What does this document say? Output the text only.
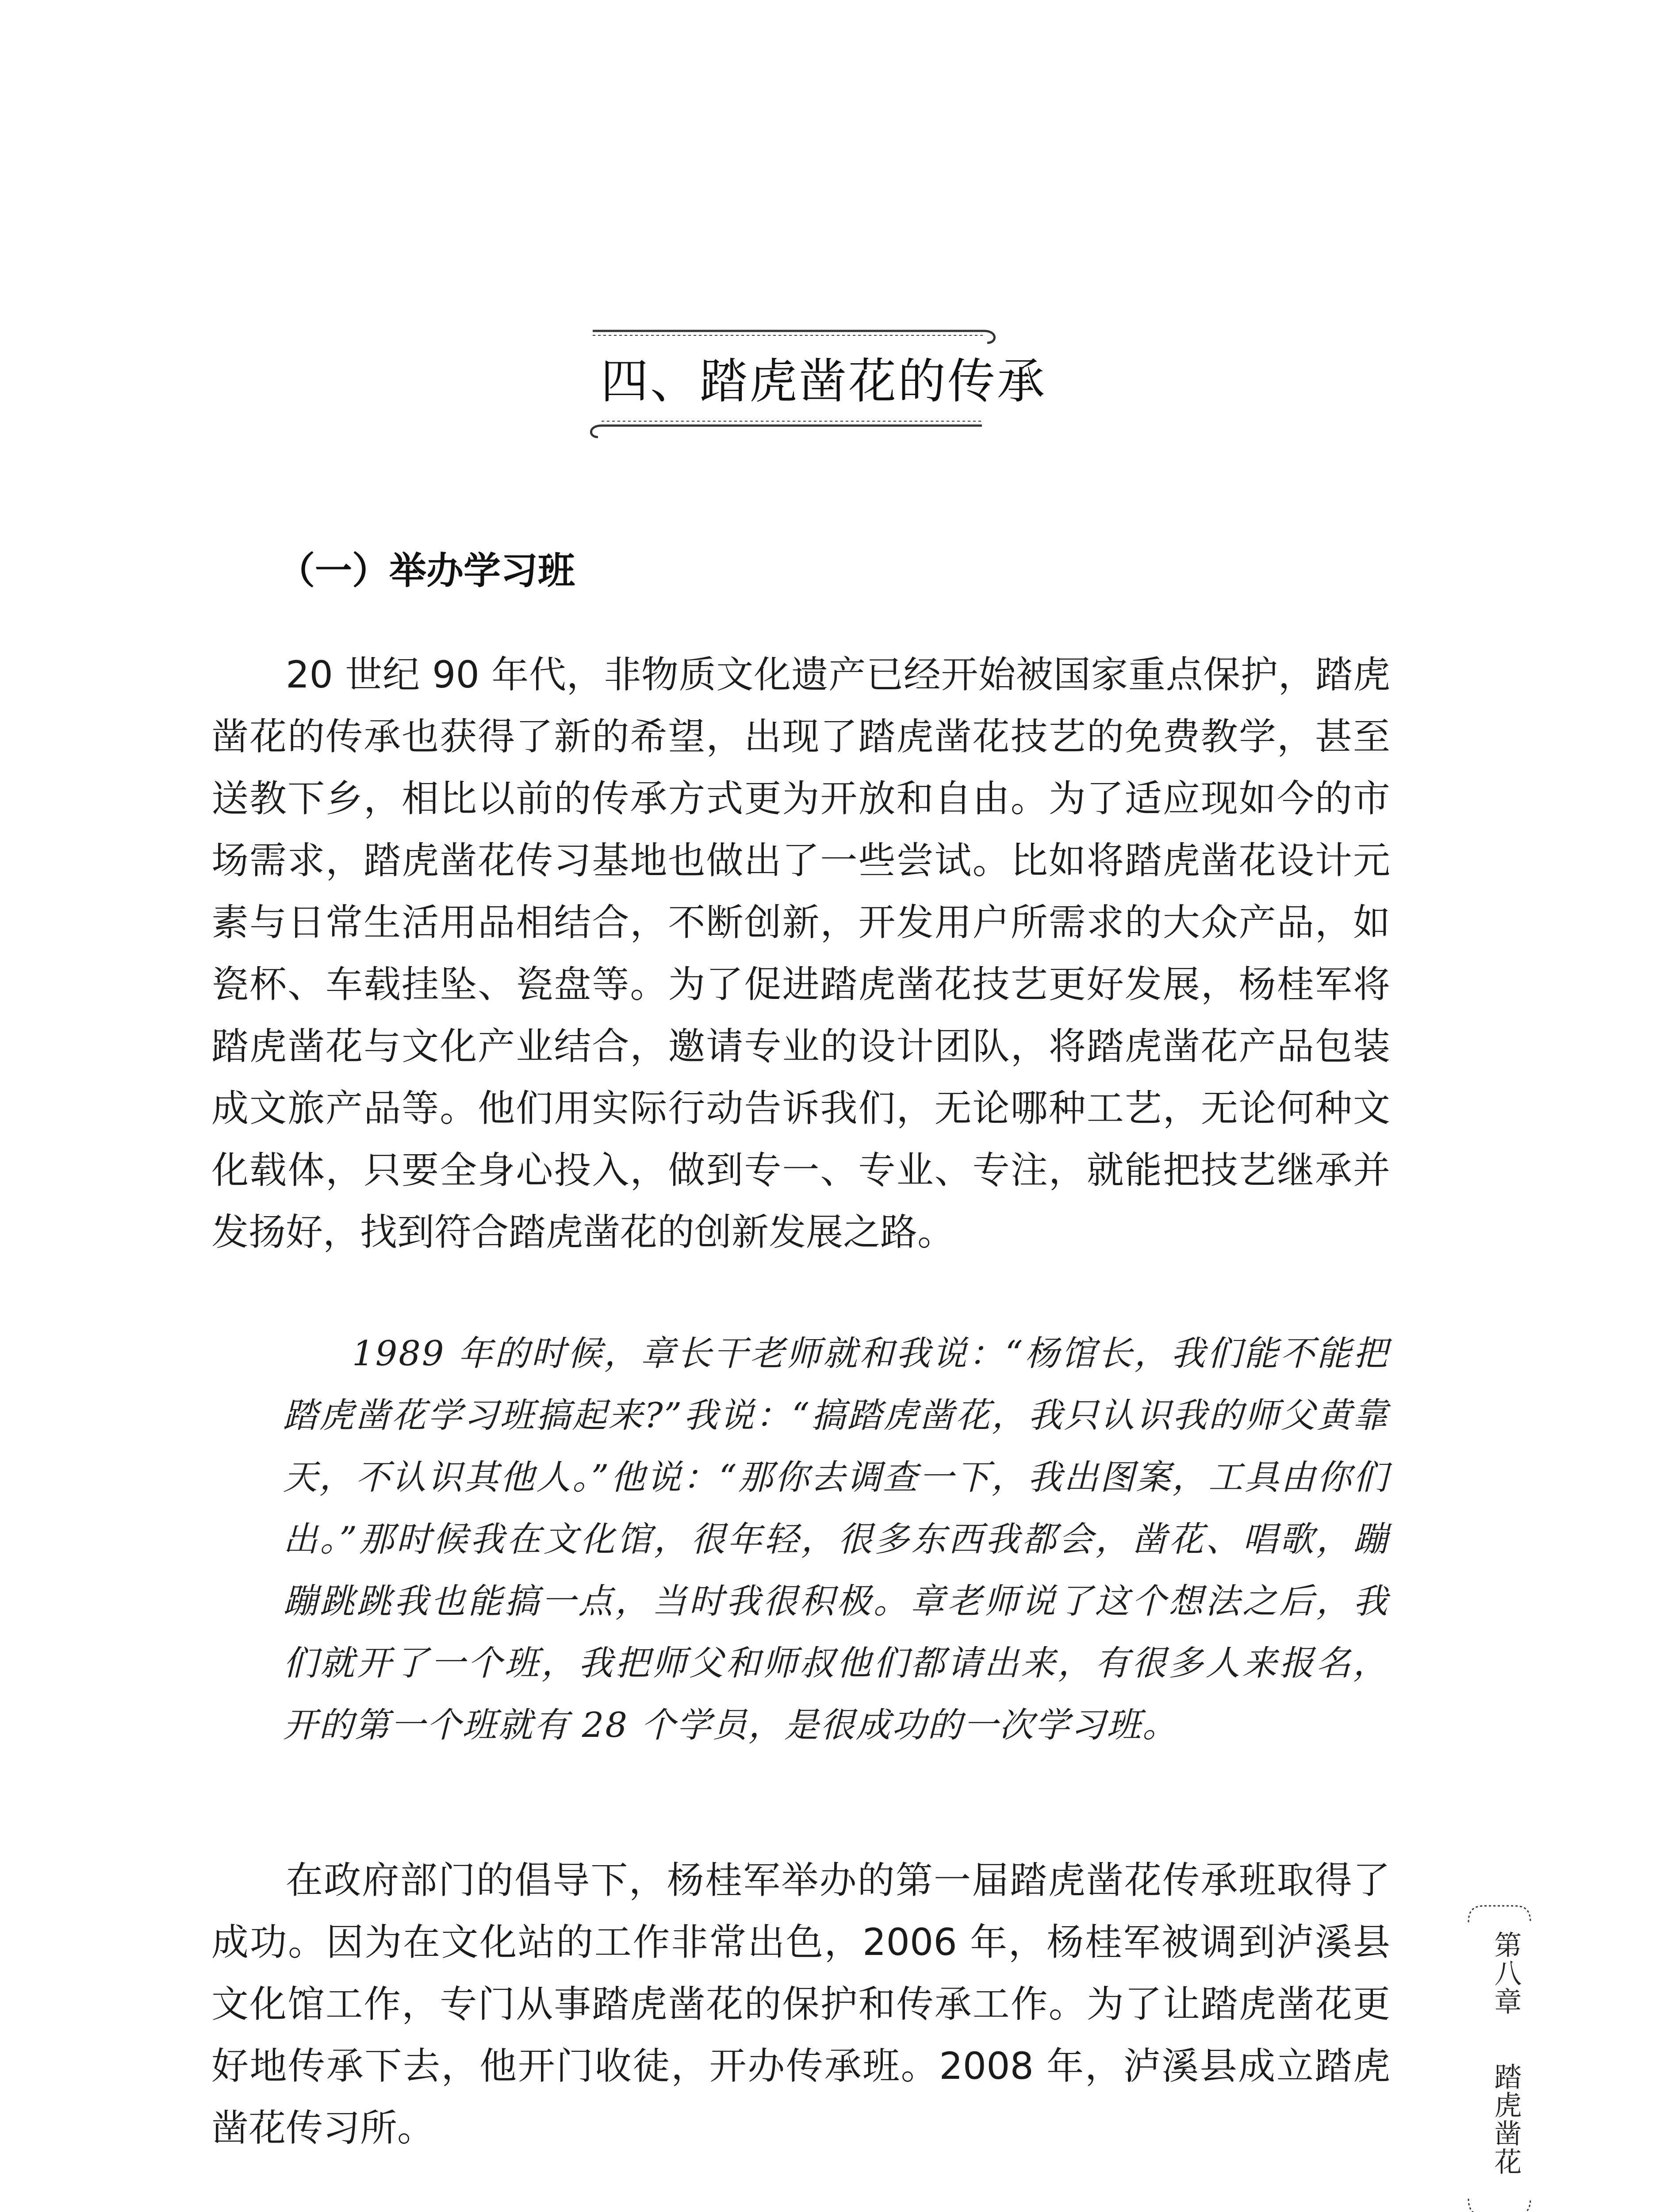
四、踏虎凿花的传承
（一）举办学习班
20 世纪 90 年代，非物质文化遗产已经开始被国家重点保护，踏虎凿花的传承也获得了新的希望，出现了踏虎凿花技艺的免费教学，甚至送教下乡，相比以前的传承方式更为开放和自由。为了适应现如今的市场需求，踏虎凿花传习基地也做出了一些尝试。比如将踏虎凿花设计元素与日常生活用品相结合，不断创新，开发用户所需求的大众产品，如瓷杯、车载挂坠、瓷盘等。为了促进踏虎凿花技艺更好发展，杨桂军将踏虎凿花与文化产业结合，邀请专业的设计团队，将踏虎凿花产品包装成文旅产品等。他们用实际行动告诉我们，无论哪种工艺，无论何种文化载体，只要全身心投入，做到专一、专业、专注，就能把技艺继承并发扬好，找到符合踏虎凿花的创新发展之路。
1989 年的时候，章长干老师就和我说：“杨馆长，我们能不能把踏虎凿花学习班搞起来?”我说：“搞踏虎凿花，我只认识我的师父黄靠天，不认识其他人。”他说：“那你去调查一下，我出图案，工具由你们出。”那时候我在文化馆，很年轻，很多东西我都会，凿花、唱歌，蹦蹦跳跳我也能搞一点，当时我很积极。章老师说了这个想法之后，我们就开了一个班，我把师父和师叔他们都请出来，有很多人来报名，开的第一个班就有 28 个学员，是很成功的一次学习班。
在政府部门的倡导下，杨桂军举办的第一届踏虎凿花传承班取得了成功。因为在文化站的工作非常出色，2006 年，杨桂军被调到泸溪县文化馆工作，专门从事踏虎凿花的保护和传承工作。为了让踏虎凿花更好地传承下去，他开门收徒，开办传承班。2008 年，泸溪县成立踏虎凿花传习所。
第八章
踏虎凿花
